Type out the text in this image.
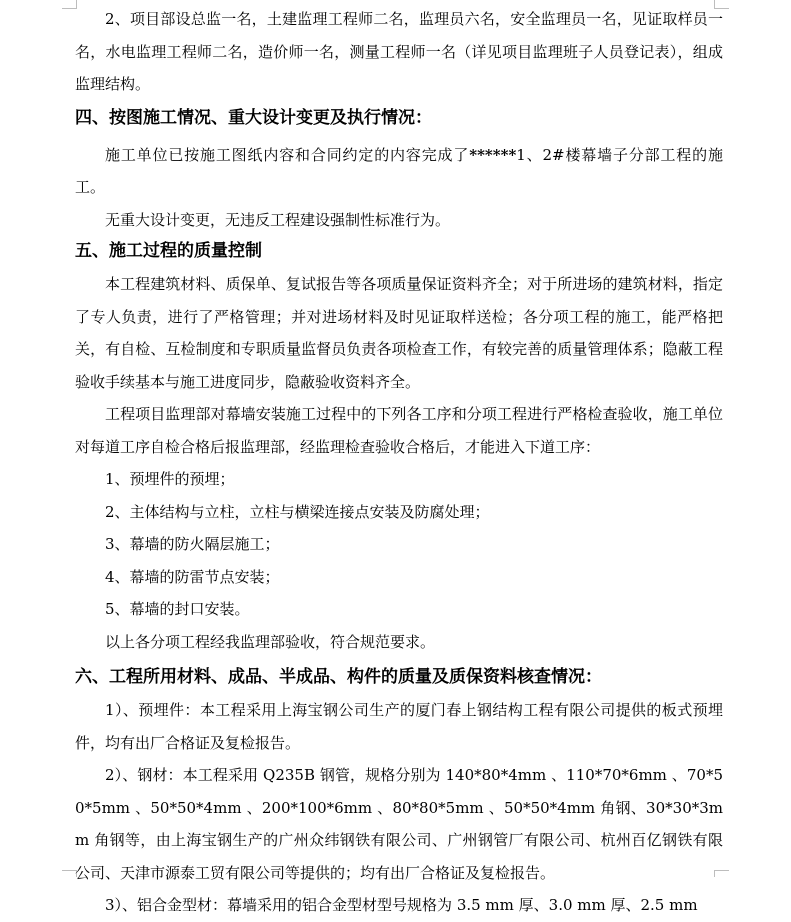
2、项目部设总监一名，土建监理工程师二名，监理员六名，安全监理员一名，见证取样员一名，水电监理工程师二名，造价师一名，测量工程师一名（详见项目监理班子人员登记表），组成监理结构。

四、按图施工情况、重大设计变更及执行情况：

施工单位已按施工图纸内容和合同约定的内容完成了******1、2#楼幕墙子分部工程的施工。

无重大设计变更，无违反工程建设强制性标准行为。

五、施工过程的质量控制

本工程建筑材料、质保单、复试报告等各项质量保证资料齐全；对于所进场的建筑材料，指定了专人负责，进行了严格管理；并对进场材料及时见证取样送检；各分项工程的施工，能严格把关，有自检、互检制度和专职质量监督员负责各项检查工作，有较完善的质量管理体系；隐蔽工程验收手续基本与施工进度同步，隐蔽验收资料齐全。

工程项目监理部对幕墙安装施工过程中的下列各工序和分项工程进行严格检查验收，施工单位对每道工序自检合格后报监理部，经监理检查验收合格后，才能进入下道工序：

1、预埋件的预埋；

2、主体结构与立柱，立柱与横梁连接点安装及防腐处理；

3、幕墙的防火隔层施工；

4、幕墙的防雷节点安装；

5、幕墙的封口安装。

以上各分项工程经我监理部验收，符合规范要求。

六、工程所用材料、成品、半成品、构件的质量及质保资料核查情况：

1）、预埋件：本工程采用上海宝钢公司生产的厦门春上钢结构工程有限公司提供的板式预埋件，均有出厂合格证及复检报告。

2）、钢材：本工程采用 Q235B 钢管，规格分别为 140*80*4mm 、110*70*6mm 、70*50*5mm 、50*50*4mm 、200*100*6mm 、80*80*5mm 、50*50*4mm 角钢、30*30*3mm 角钢等，由上海宝钢生产的广州众纬钢铁有限公司、广州钢管厂有限公司、杭州百亿钢铁有限公司、天津市源泰工贸有限公司等提供的；均有出厂合格证及复检报告。

3）、铝合金型材：幕墙采用的铝合金型材型号规格为 3.5 mm 厚、3.0 mm 厚、2.5 mm
